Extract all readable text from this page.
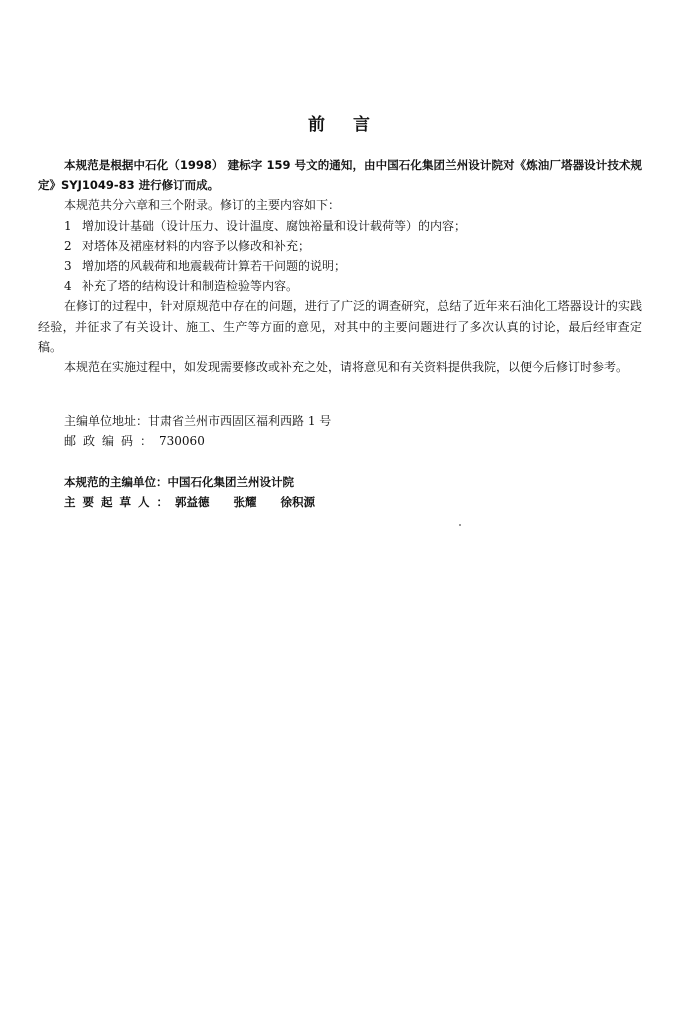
前言

本规范是根据中石化（1998） 建标字 159 号文的通知，由中国石化集团兰州设计院对《炼油厂塔器设计技术规定》SYJ1049-83 进行修订而成。

本规范共分六章和三个附录。修订的主要内容如下：

1 增加设计基础（设计压力、设计温度、腐蚀裕量和设计载荷等）的内容；
2 对塔体及裙座材料的内容予以修改和补充；
3 增加塔的风载荷和地震载荷计算若干问题的说明；
4 补充了塔的结构设计和制造检验等内容。

在修订的过程中，针对原规范中存在的问题，进行了广泛的调查研究，总结了近年来石油化工塔器设计的实践经验，并征求了有关设计、施工、生产等方面的意见，对其中的主要问题进行了多次认真的讨论，最后经审查定稿。

本规范在实施过程中，如发现需要修改或补充之处，请将意见和有关资料提供我院，以便今后修订时参考。

主编单位地址：甘肃省兰州市西固区福利西路 1 号
邮政编码：730060
本规范的主编单位：中国石化集团兰州设计院
主要起草人：郭益德 张耀 徐积源
